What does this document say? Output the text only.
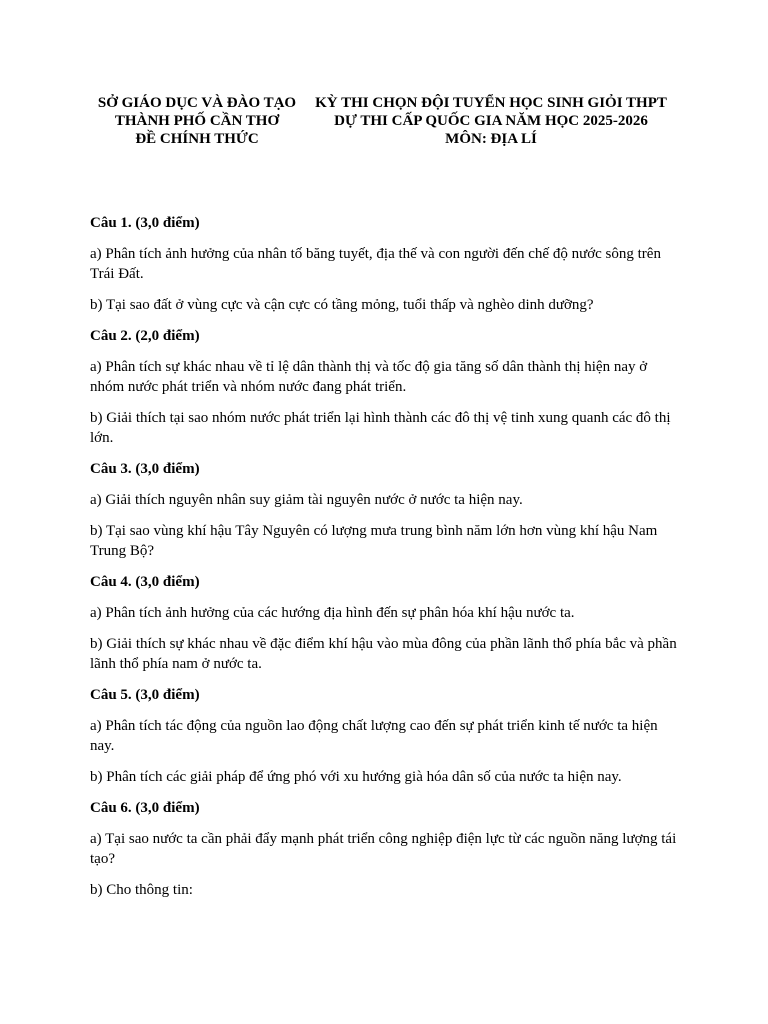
SỞ GIÁO DỤC VÀ ĐÀO TẠO
THÀNH PHỐ CẦN THƠ
ĐỀ CHÍNH THỨC
KỲ THI CHỌN ĐỘI TUYỂN HỌC SINH GIỎI THPT
DỰ THI CẤP QUỐC GIA NĂM HỌC 2025-2026
MÔN: ĐỊA LÍ

Câu 1. (3,0 điểm)

a) Phân tích ảnh hưởng của nhân tố băng tuyết, địa thế và con người đến chế độ nước sông trên Trái Đất.

b) Tại sao đất ở vùng cực và cận cực có tầng mỏng, tuổi thấp và nghèo dinh dưỡng?

Câu 2. (2,0 điểm)

a) Phân tích sự khác nhau về tỉ lệ dân thành thị và tốc độ gia tăng số dân thành thị hiện nay ở nhóm nước phát triển và nhóm nước đang phát triển.

b) Giải thích tại sao nhóm nước phát triển lại hình thành các đô thị vệ tinh xung quanh các đô thị lớn.

Câu 3. (3,0 điểm)

a) Giải thích nguyên nhân suy giảm tài nguyên nước ở nước ta hiện nay.

b) Tại sao vùng khí hậu Tây Nguyên có lượng mưa trung bình năm lớn hơn vùng khí hậu Nam Trung Bộ?

Câu 4. (3,0 điểm)

a) Phân tích ảnh hưởng của các hướng địa hình đến sự phân hóa khí hậu nước ta.

b) Giải thích sự khác nhau về đặc điểm khí hậu vào mùa đông của phần lãnh thổ phía bắc và phần lãnh thổ phía nam ở nước ta.

Câu 5. (3,0 điểm)

a) Phân tích tác động của nguồn lao động chất lượng cao đến sự phát triển kinh tế nước ta hiện nay.

b) Phân tích các giải pháp để ứng phó với xu hướng già hóa dân số của nước ta hiện nay.

Câu 6. (3,0 điểm)

a) Tại sao nước ta cần phải đẩy mạnh phát triển công nghiệp điện lực từ các nguồn năng lượng tái tạo?

b) Cho thông tin:
